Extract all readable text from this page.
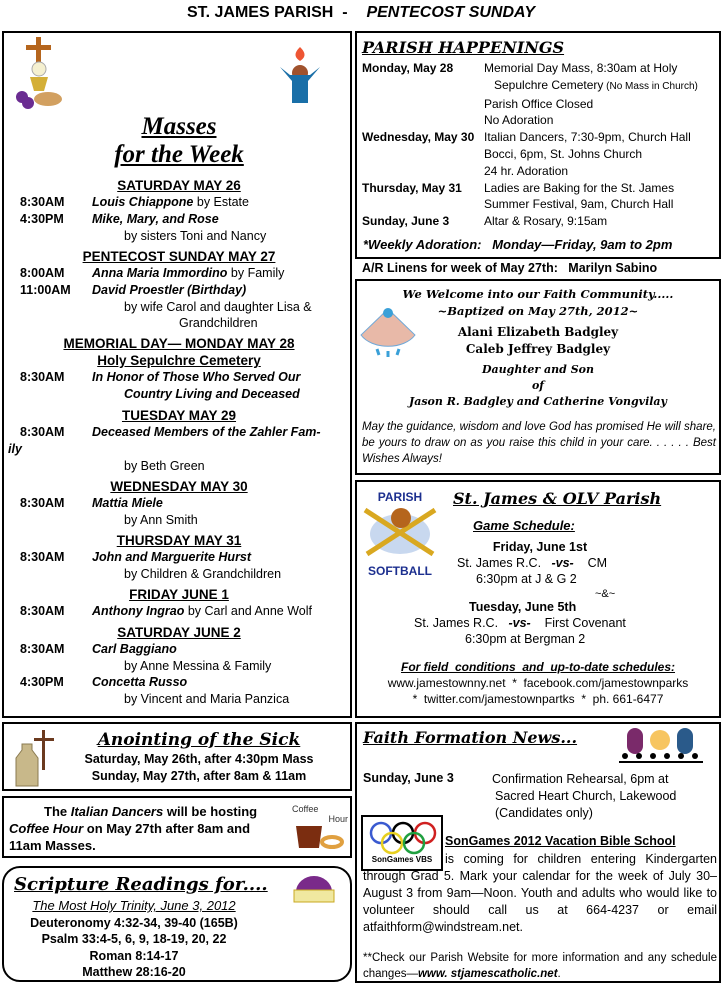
ST. JAMES PARISH - PENTECOST SUNDAY
Masses
for the Week
SATURDAY MAY 26
8:30AM	Louis Chiappone by Estate
4:30PM	Mike, Mary, and Rose
by sisters Toni and Nancy
PENTECOST SUNDAY MAY 27
8:00AM	Anna Maria Immordino by Family
11:00AM	David Proestler (Birthday)
by wife Carol and daughter Lisa &
Grandchildren
MEMORIAL DAY— MONDAY MAY 28
Holy Sepulchre Cemetery
8:30AM	In Honor of Those Who Served Our
Country Living and Deceased
TUESDAY MAY 29
8:30AM	Deceased Members of the Zahler Fam-
ily
by Beth Green
WEDNESDAY MAY 30
8:30AM	Mattia Miele
by Ann Smith
THURSDAY MAY 31
8:30AM	John and Marguerite Hurst
by Children & Grandchildren
FRIDAY JUNE 1
8:30AM	Anthony Ingrao by Carl and Anne Wolf
SATURDAY JUNE 2
8:30AM	Carl Baggiano
by Anne Messina & Family
4:30PM	Concetta Russo
by Vincent and Maria Panzica
Anointing of the Sick
Saturday, May 26th, after 4:30pm Mass
Sunday, May 27th, after 8am & 11am
The Italian Dancers will be hosting
Coffee Hour on May 27th after 8am and
11am Masses.
Coffee
Hour
Scripture Readings for....
The Most Holy Trinity, June 3, 2012
Deuteronomy 4:32-34, 39-40 (165B)
Psalm 33:4-5, 6, 9, 18-19, 20, 22
Roman 8:14-17
Matthew 28:16-20
PARISH HAPPENINGS
Monday, May 28	Memorial Day Mass, 8:30am at Holy
Sepulchre Cemetery (No Mass in Church)
Parish Office Closed
No Adoration
Wednesday, May 30 Italian Dancers, 7:30-9pm, Church Hall
Bocci, 6pm, St. Johns Church
24 hr. Adoration
Thursday, May 31	Ladies are Baking for the St. James
Summer Festival, 9am, Church Hall
Sunday, June 3	Altar & Rosary, 9:15am
*Weekly Adoration:   Monday—Friday, 9am to 2pm
A/R Linens for week of May 27th:   Marilyn Sabino
We Welcome into our Faith Community.....
~Baptized on May 27th, 2012~
Alani Elizabeth Badgley
Caleb Jeffrey Badgley
Daughter and Son
of
Jason R. Badgley and Catherine Vongvilay
May the guidance, wisdom and love God has promised He will share, be yours to draw on as you raise this child in your care. . . . . . Best Wishes Always!
PARISH
SOFTBALL
St. James & OLV Parish
Game Schedule:
Friday, June 1st
St. James R.C. -vs- CM
6:30pm at J & G 2
~&~
Tuesday, June 5th
St. James R.C. -vs- First Covenant
6:30pm at Bergman 2
For field  conditions  and  up-to-date schedules:
www.jamestownny.net  *  facebook.com/jamestownparks
*  twitter.com/jamestownpartks  *  ph. 661-6477
Faith Formation News...
Sunday, June 3	Confirmation Rehearsal, 6pm at
Sacred Heart Church, Lakewood
(Candidates only)
SonGames VBS
SonGames 2012 Vacation Bible School
is coming for children entering Kindergarten through Grad 5. Mark your calendar for the week of July 30–August 3 from 9am—Noon. Youth and adults who would like to volunteer should call us at 664-4237 or email atfaithform@windstream.net.
**Check our Parish Website for more information and any schedule changes—www. stjamescatholic.net.
